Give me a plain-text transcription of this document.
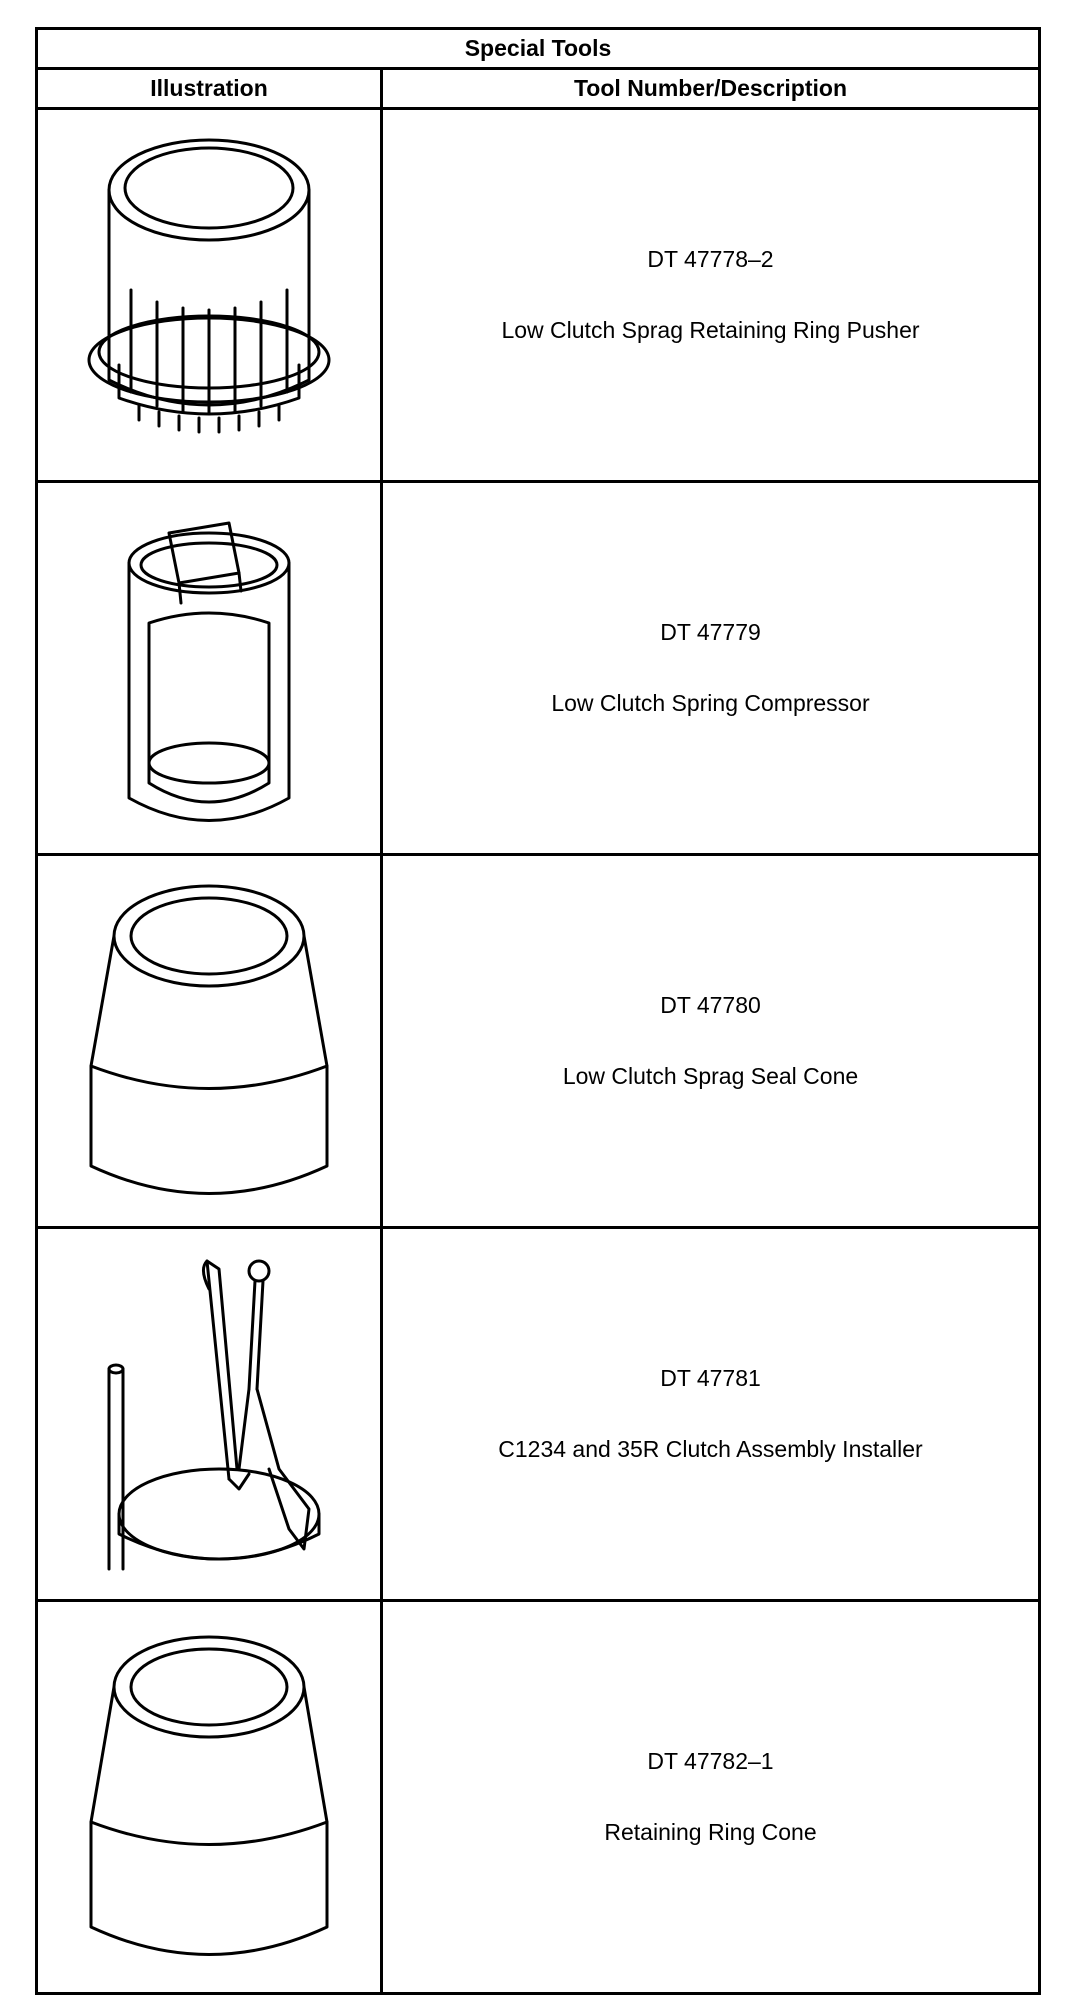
Special Tools
Illustration	Tool Number/Description
DT 47778–2
Low Clutch Sprag Retaining Ring Pusher
DT 47779
Low Clutch Spring Compressor
DT 47780
Low Clutch Sprag Seal Cone
DT 47781
C1234 and 35R Clutch Assembly Installer
DT 47782–1
Retaining Ring Cone
